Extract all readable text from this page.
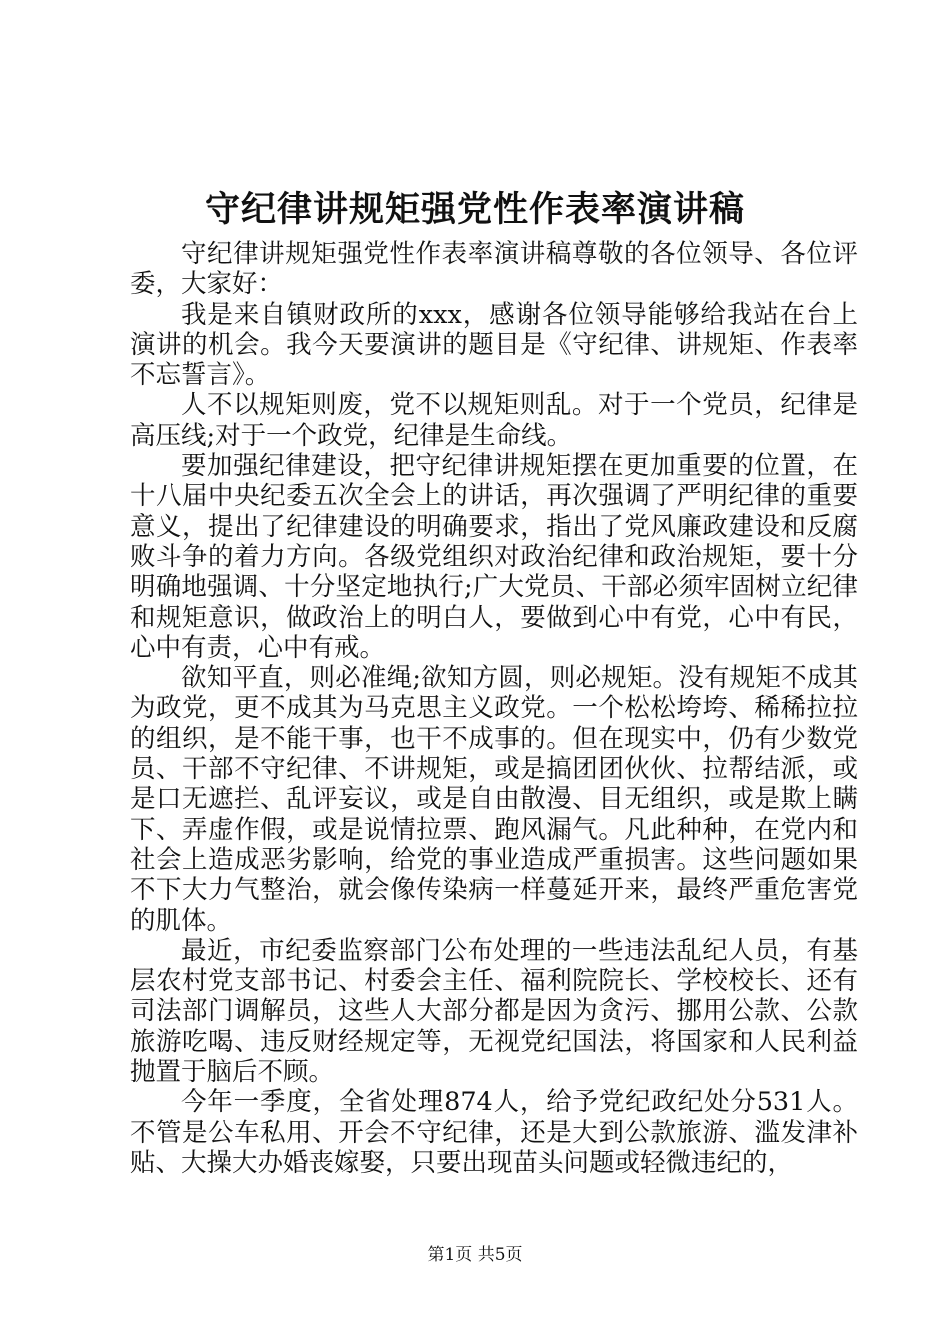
守纪律讲规矩强党性作表率演讲稿

守纪律讲规矩强党性作表率演讲稿尊敬的各位领导、各位评委，大家好：

我是来自镇财政所的xxx，感谢各位领导能够给我站在台上演讲的机会。我今天要演讲的题目是《守纪律、讲规矩、作表率不忘誓言》。

人不以规矩则废，党不以规矩则乱。对于一个党员，纪律是高压线;对于一个政党，纪律是生命线。

要加强纪律建设，把守纪律讲规矩摆在更加重要的位置，在十八届中央纪委五次全会上的讲话，再次强调了严明纪律的重要意义，提出了纪律建设的明确要求，指出了党风廉政建设和反腐败斗争的着力方向。各级党组织对政治纪律和政治规矩，要十分明确地强调、十分坚定地执行;广大党员、干部必须牢固树立纪律和规矩意识，做政治上的明白人，要做到心中有党，心中有民，心中有责，心中有戒。

欲知平直，则必准绳;欲知方圆，则必规矩。没有规矩不成其为政党，更不成其为马克思主义政党。一个松松垮垮、稀稀拉拉的组织，是不能干事，也干不成事的。但在现实中，仍有少数党员、干部不守纪律、不讲规矩，或是搞团团伙伙、拉帮结派，或是口无遮拦、乱评妄议，或是自由散漫、目无组织，或是欺上瞒下、弄虚作假，或是说情拉票、跑风漏气。凡此种种，在党内和社会上造成恶劣影响，给党的事业造成严重损害。这些问题如果不下大力气整治，就会像传染病一样蔓延开来，最终严重危害党的肌体。

最近，市纪委监察部门公布处理的一些违法乱纪人员，有基层农村党支部书记、村委会主任、福利院院长、学校校长、还有司法部门调解员，这些人大部分都是因为贪污、挪用公款、公款旅游吃喝、违反财经规定等，无视党纪国法，将国家和人民利益抛置于脑后不顾。

今年一季度，全省处理874人，给予党纪政纪处分531人。不管是公车私用、开会不守纪律，还是大到公款旅游、滥发津补贴、大操大办婚丧嫁娶，只要出现苗头问题或轻微违纪的，

第1页 共5页
